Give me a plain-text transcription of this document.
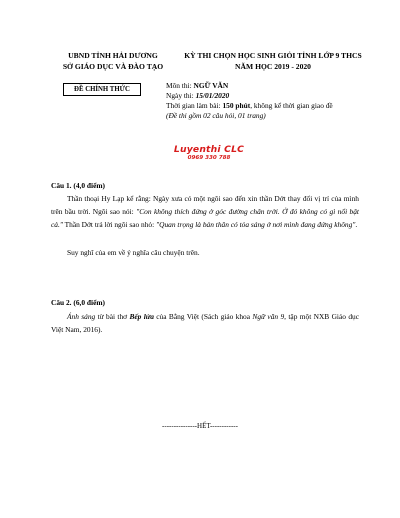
UBND TỈNH HẢI DƯƠNG
SỞ GIÁO DỤC VÀ ĐÀO TẠO
KỲ THI CHỌN HỌC SINH GIỎI TỈNH LỚP 9 THCS
NĂM HỌC 2019 - 2020
ĐỀ CHÍNH THỨC	Môn thi: NGỮ VĂN
Ngày thi: 15/01/2020
Thời gian làm bài: 150 phút, không kể thời gian giao đề
(Đề thi gồm 02 câu hỏi, 01 trang)
Luyenthi CLC
0969 330 788
Câu 1. (4,0 điểm)
Thần thoại Hy Lạp kể rằng: Ngày xưa có một ngôi sao đến xin thần Dớt thay đổi vị trí của mình trên bầu trời. Ngôi sao nói: "Con không thích đứng ở góc đường chân trời. Ở đó không có gì nổi bật cả." Thần Dớt trả lời ngôi sao nhỏ: "Quan trọng là bản thân có tỏa sáng ở nơi mình đang đứng không".
Suy nghĩ của em về ý nghĩa câu chuyện trên.
Câu 2. (6,0 điểm)
Ánh sáng từ bài thơ Bếp lửa của Bằng Việt (Sách giáo khoa Ngữ văn 9, tập một NXB Giáo dục Việt Nam, 2016).
---------------HẾT------------
